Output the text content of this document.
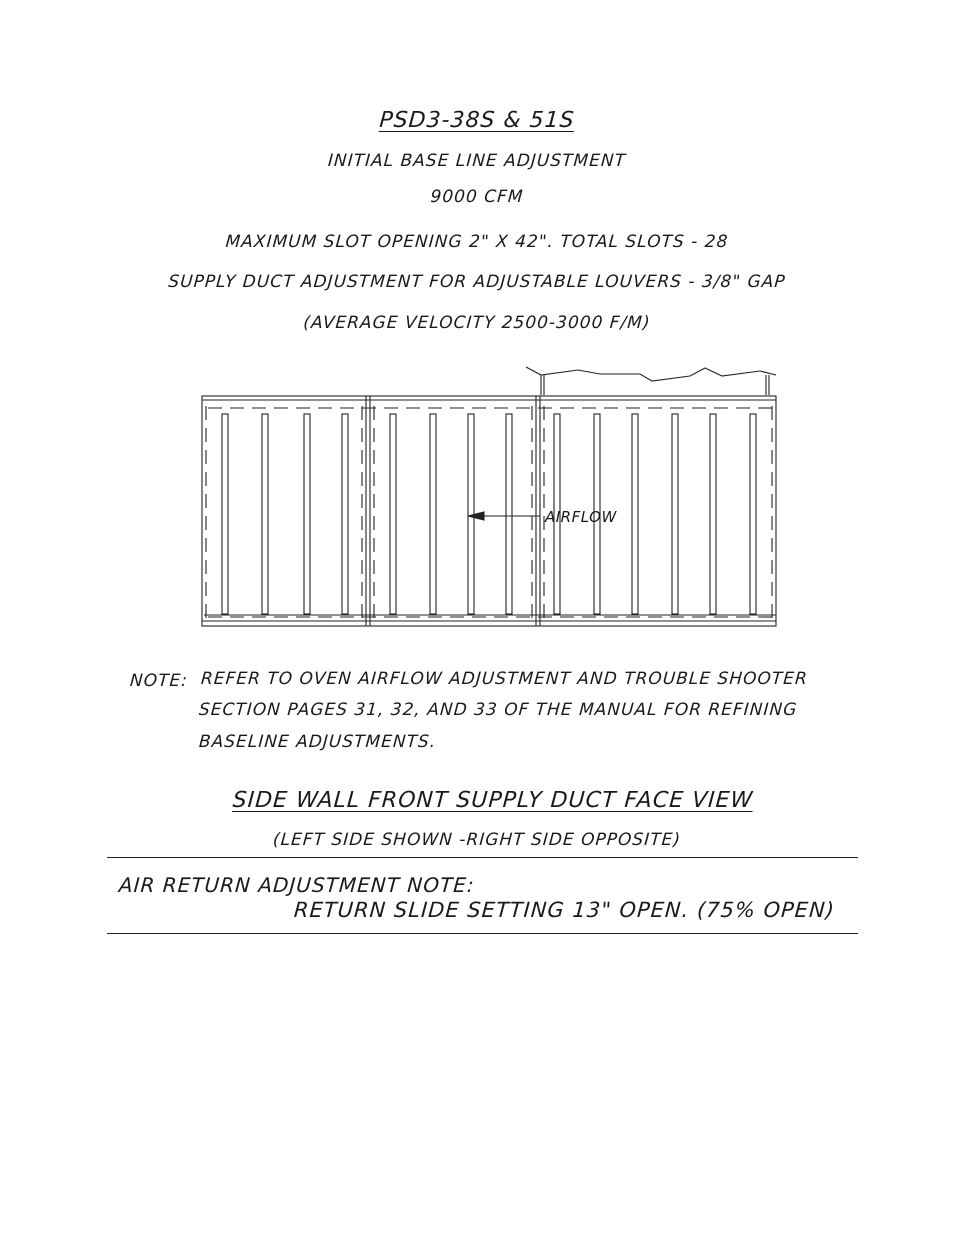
PSD3-38S & 51S
INITIAL BASE LINE ADJUSTMENT
9000 CFM
MAXIMUM SLOT OPENING 2" X 42". TOTAL SLOTS - 28
SUPPLY DUCT ADJUSTMENT FOR ADJUSTABLE LOUVERS - 3/8" GAP
(AVERAGE VELOCITY 2500-3000 F/M)
AIRFLOW
NOTE: REFER TO OVEN AIRFLOW ADJUSTMENT AND TROUBLE SHOOTER
SECTION PAGES 31, 32, AND 33 OF THE MANUAL FOR REFINING
BASELINE ADJUSTMENTS.
SIDE WALL FRONT SUPPLY DUCT FACE VIEW
(LEFT SIDE SHOWN -RIGHT SIDE OPPOSITE)
AIR RETURN ADJUSTMENT NOTE:
RETURN SLIDE SETTING 13" OPEN. (75% OPEN)
